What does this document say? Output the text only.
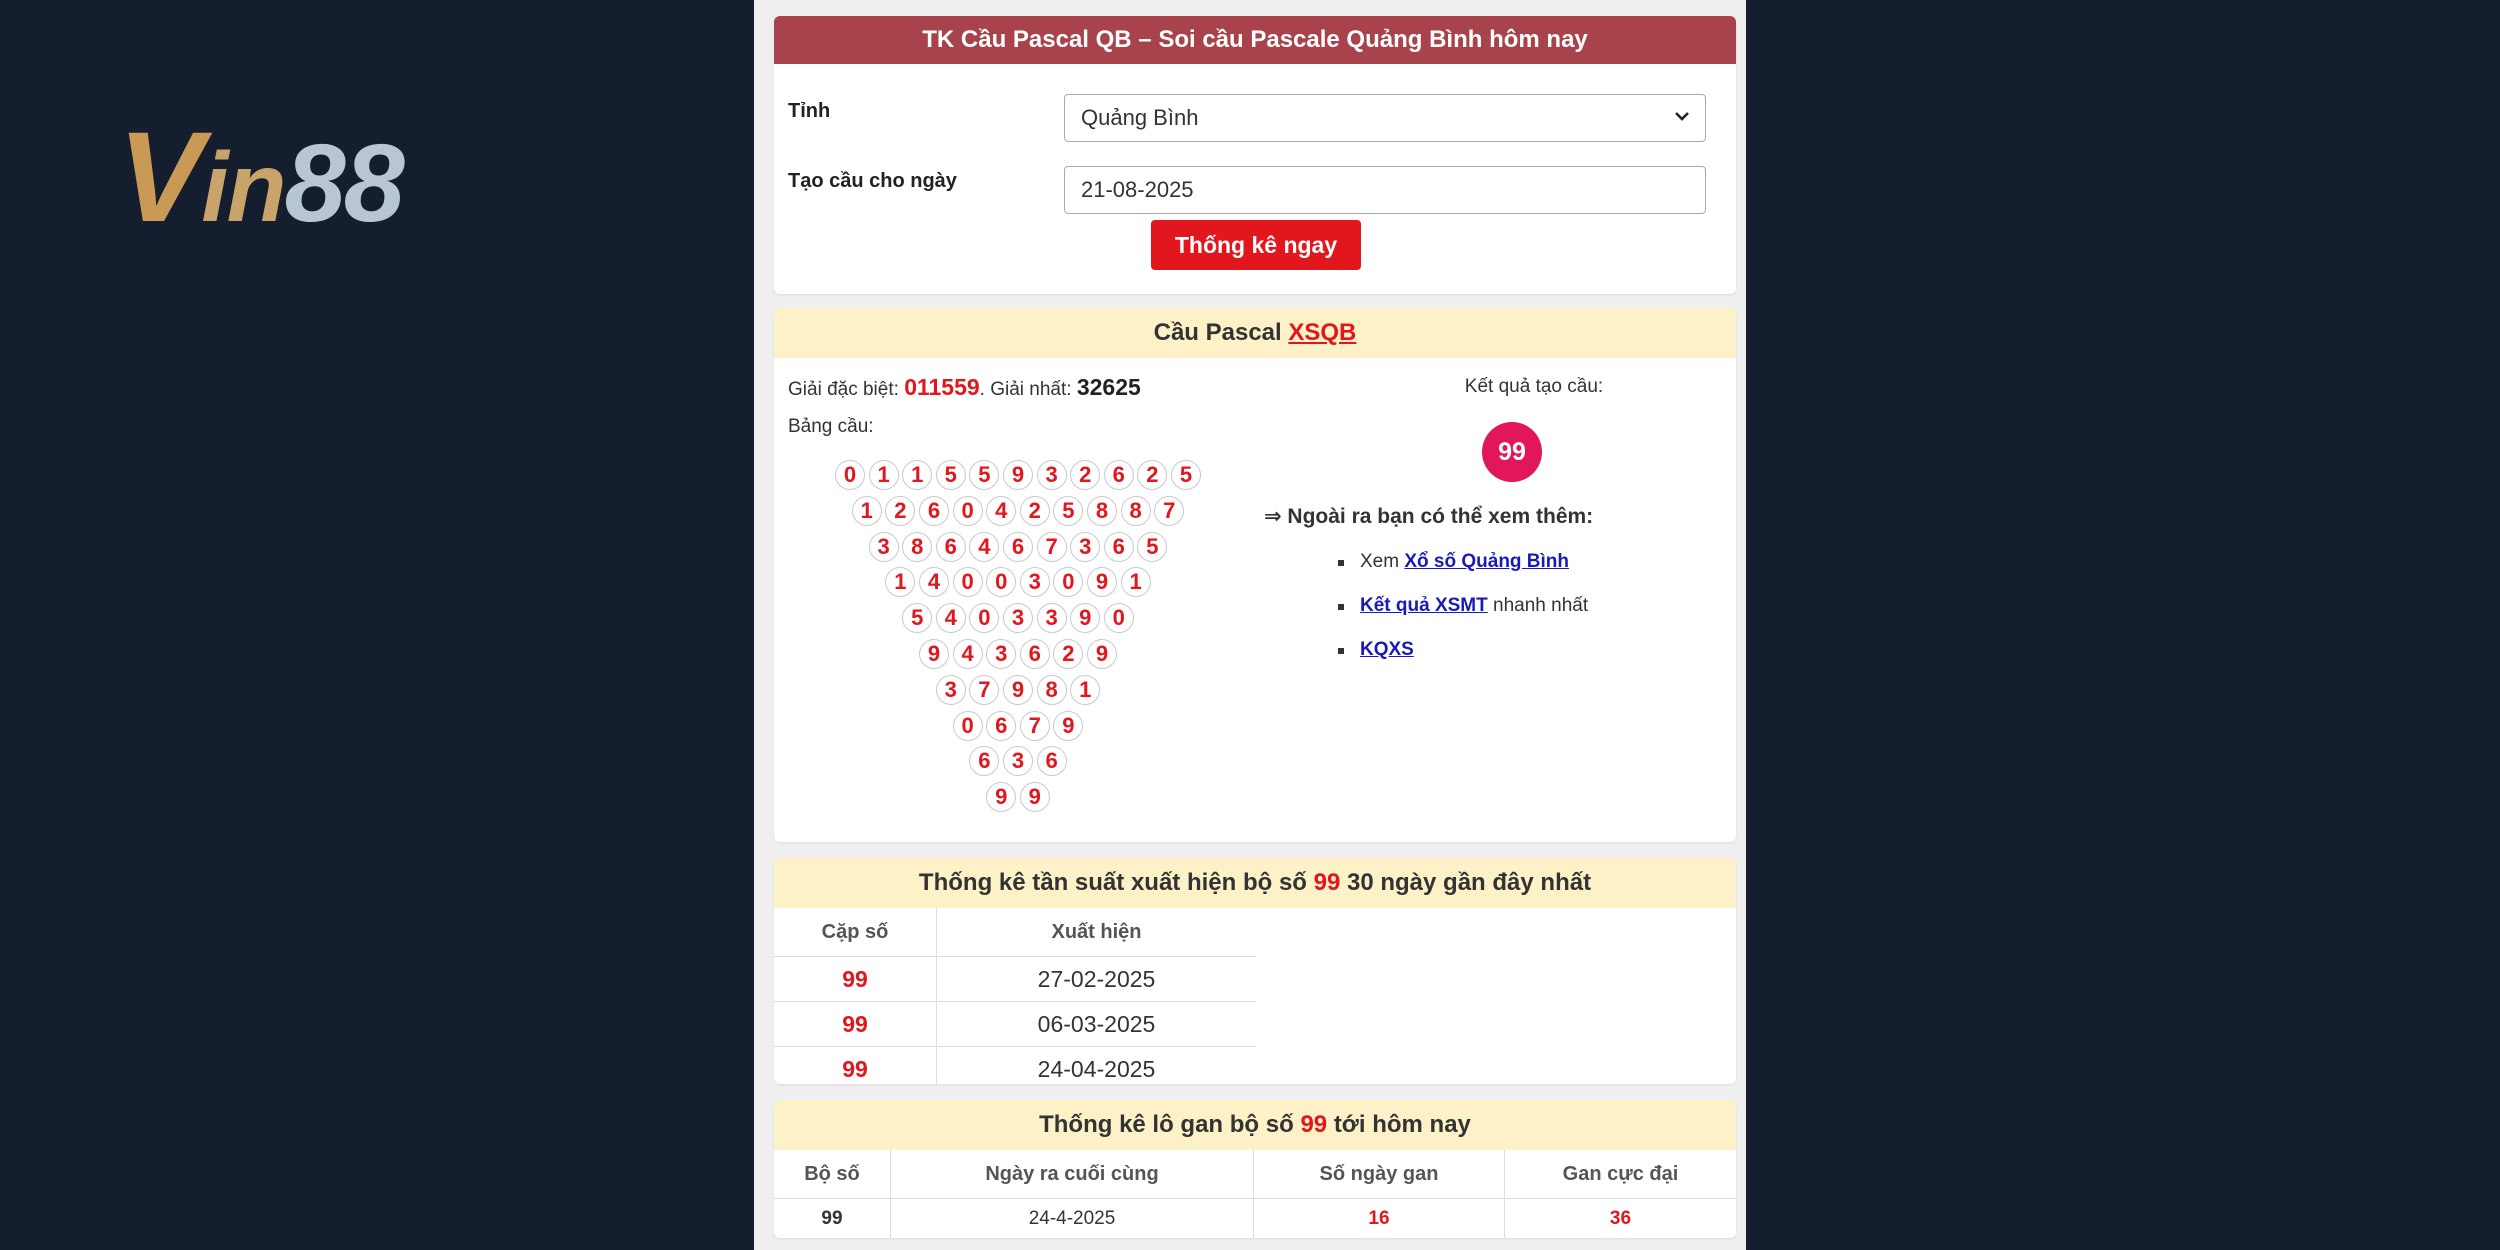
Vin88
TK Cầu Pascal QB – Soi cầu Pascale Quảng Bình hôm nay
Tỉnh	Quảng Bình
Tạo cầu cho ngày	21-08-2025
Thống kê ngay
Cầu Pascal XSQB
Giải đặc biệt: 011559. Giải nhất: 32625
Bảng cầu:
0 1 1 5 5 9 3 2 6 2 5
1 2 6 0 4 2 5 8 8 7
3 8 6 4 6 7 3 6 5
1 4 0 0 3 0 9 1
5 4 0 3 3 9 0
9 4 3 6 2 9
3 7 9 8 1
0 6 7 9
6 3 6
9 9
Kết quả tạo cầu:
99
⇒ Ngoài ra bạn có thể xem thêm:
Xem Xổ số Quảng Bình
Kết quả XSMT nhanh nhất
KQXS
Thống kê tần suất xuất hiện bộ số 99 30 ngày gần đây nhất
Cặp số	Xuất hiện
99	27-02-2025
99	06-03-2025
99	24-04-2025
Thống kê lô gan bộ số 99 tới hôm nay
Bộ số	Ngày ra cuối cùng	Số ngày gan	Gan cực đại
99	24-4-2025	16	36
